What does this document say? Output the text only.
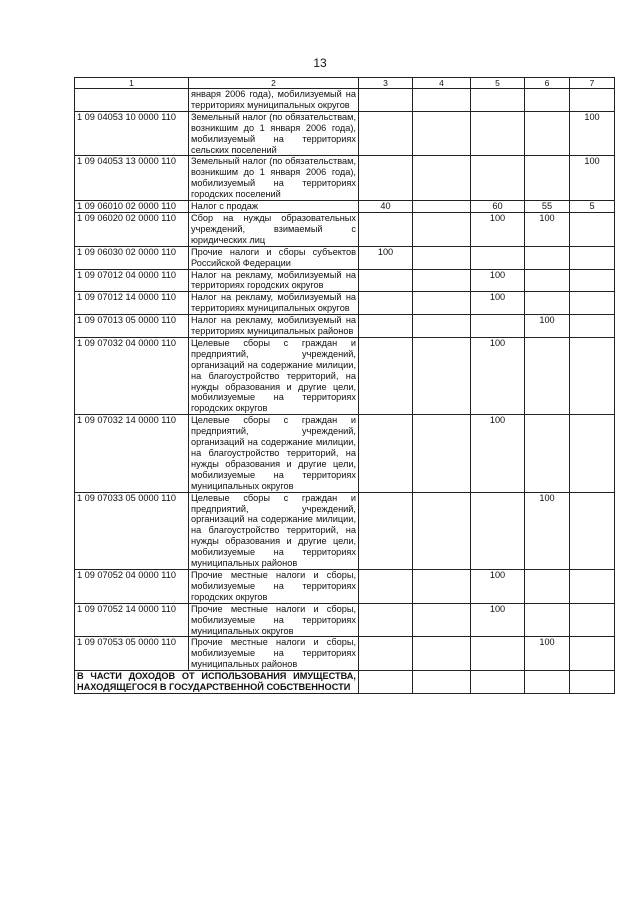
13
1	2	3	4	5	6	7
	января 2006 года), мобилизуемый на территориях муниципальных округов					
1 09 04053 10 0000 110	Земельный налог (по обязательствам, возникшим до 1 января 2006 года), мобилизуемый на территориях сельских поселений					100
1 09 04053 13 0000 110	Земельный налог (по обязательствам, возникшим до 1 января 2006 года), мобилизуемый на территориях городских поселений					100
1 09 06010 02 0000 110	Налог с продаж	40		60	55	5
1 09 06020 02 0000 110	Сбор на нужды образовательных учреждений, взимаемый с юридических лиц			100	100	
1 09 06030 02 0000 110	Прочие налоги и сборы субъектов Российской Федерации	100				
1 09 07012 04 0000 110	Налог на рекламу, мобилизуемый на территориях городских округов			100		
1 09 07012 14 0000 110	Налог на рекламу, мобилизуемый на территориях муниципальных округов			100		
1 09 07013 05 0000 110	Налог на рекламу, мобилизуемый на территориях муниципальных районов				100	
1 09 07032 04 0000 110	Целевые сборы с граждан и предприятий, учреждений, организаций на содержание милиции, на благоустройство территорий, на нужды образования и другие цели, мобилизуемые на территориях городских округов			100		
1 09 07032 14 0000 110	Целевые сборы с граждан и предприятий, учреждений, организаций на содержание милиции, на благоустройство территорий, на нужды образования и другие цели, мобилизуемые на территориях муниципальных округов			100		
1 09 07033 05 0000 110	Целевые сборы с граждан и предприятий, учреждений, организаций на содержание милиции, на благоустройство территорий, на нужды образования и другие цели, мобилизуемые на территориях муниципальных районов				100	
1 09 07052 04 0000 110	Прочие местные налоги и сборы, мобилизуемые на территориях городских округов			100		
1 09 07052 14 0000 110	Прочие местные налоги и сборы, мобилизуемые на территориях муниципальных округов			100		
1 09 07053 05 0000 110	Прочие местные налоги и сборы, мобилизуемые на территориях муниципальных районов				100	
В ЧАСТИ ДОХОДОВ ОТ ИСПОЛЬЗОВАНИЯ ИМУЩЕСТВА, НАХОДЯЩЕГОСЯ В ГОСУДАРСТВЕННОЙ СОБСТВЕННОСТИ						
